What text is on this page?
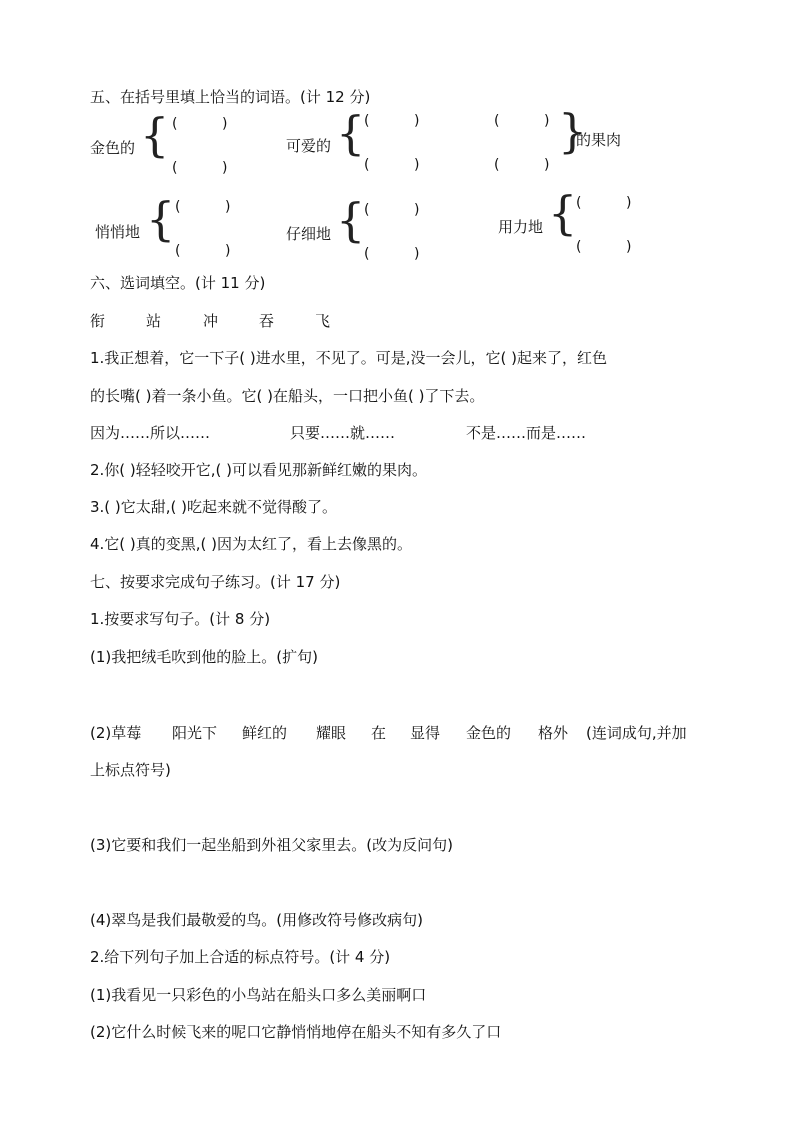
五、在括号里填上恰当的词语。(计 12 分)
金色的 { (          )
(          )
可爱的 {
(          )
(          )
(          )
(          )
}
的果肉
悄悄地 { (          )
(          )
仔细地 {
(          )
(          )
用力地 {
(          )
(          )
六、选词填空。(计 11 分)
衔	站	冲	吞	飞
1.我正想着，它一下子( )进水里，不见了。可是,没一会儿，它( )起来了，红色
的长嘴( )着一条小鱼。它( )在船头，一口把小鱼( )了下去。
因为……所以……	只要……就……	不是……而是……
2.你( )轻轻咬开它,( )可以看见那新鲜红嫩的果肉。
3.( )它太甜,( )吃起来就不觉得酸了。
4.它( )真的变黑,( )因为太红了，看上去像黑的。
七、按要求完成句子练习。(计 17 分)
1.按要求写句子。(计 8 分)
(1)我把绒毛吹到他的脸上。(扩句)
(2)草莓 阳光下 鲜红的 耀眼 在 显得 金色的 格外 (连词成句,并加
上标点符号)
(3)它要和我们一起坐船到外祖父家里去。(改为反问句)
(4)翠鸟是我们最敬爱的鸟。(用修改符号修改病句)
2.给下列句子加上合适的标点符号。(计 4 分)
(1)我看见一只彩色的小鸟站在船头口多么美丽啊口
(2)它什么时候飞来的呢口它静悄悄地停在船头不知有多久了口
